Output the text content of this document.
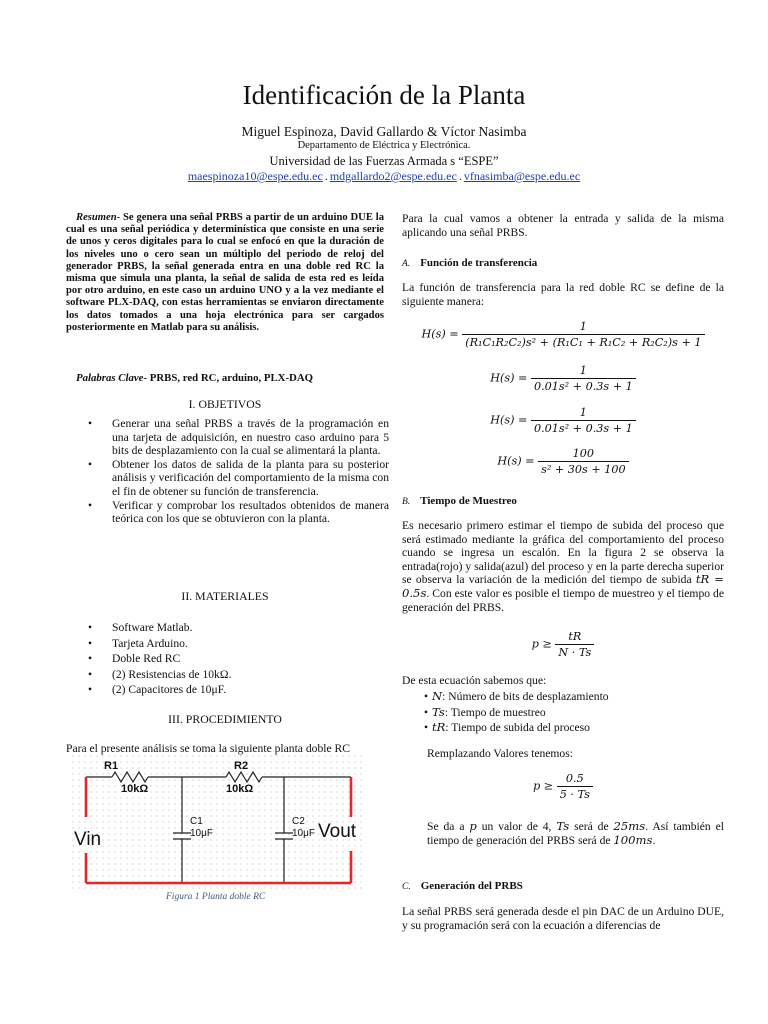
Identificación de la Planta
Miguel Espinoza, David Gallardo & Víctor Nasimba
Departamento de Eléctrica y Electrónica.
Universidad de las Fuerzas Armada s “ESPE”
maespinoza10@espe.edu.ec . mdgallardo2@espe.edu.ec . vfnasimba@espe.edu.ec
Resumen- Se genera una señal PRBS a partir de un arduino DUE la cual es una señal periódica y determinística que consiste en una serie de unos y ceros digitales para lo cual se enfocó en que la duración de los niveles uno o cero sean un múltiplo del periodo de reloj del generador PRBS, la señal generada entra en una doble red RC la misma que simula una planta, la señal de salida de esta red es leída por otro arduino, en este caso un arduino UNO y a la vez mediante el software PLX-DAQ, con estas herramientas se enviaron directamente los datos tomados a una hoja electrónica para ser cargados posteriormente en Matlab para su análisis.
Palabras Clave- PRBS, red RC, arduino, PLX-DAQ
I. OBJETIVOS
• Generar una señal PRBS a través de la programación en una tarjeta de adquisición, en nuestro caso arduino para 5 bits de desplazamiento con la cual se alimentará la planta.
• Obtener los datos de salida de la planta para su posterior análisis y verificación del comportamiento de la misma con el fin de obtener su función de transferencia.
• Verificar y comprobar los resultados obtenidos de manera teórica con los que se obtuvieron con la planta.
II. MATERIALES
• Software Matlab.
• Tarjeta Arduino.
• Doble Red RC
• (2) Resistencias de 10kΩ.
• (2) Capacitores de 10μF.
III. PROCEDIMIENTO
Para el presente análisis se toma la siguiente planta doble RC
R1
10kΩ
R2
10kΩ
C1
10μF
C2
10μF
Vin	Vout
Figura 1 Planta doble RC
Para la cual vamos a obtener la entrada y salida de la misma aplicando una señal PRBS.
A. Función de transferencia
La función de transferencia para la red doble RC se define de la siguiente manera:
$H(s) = \frac{1}{\text{(R₁C₁R₂C₂)s² + (R₁C₁ + R₁C₂ + R₂C₂)s + 1}}$
$H(s) = \frac{1}{\text{0.01s² + 0.3s + 1}}$
$H(s) = \frac{1}{\text{0.01s² + 0.3s + 1}}$
$H(s) = \frac{100}{\text{s² + 30s + 100}}$
B. Tiempo de Muestreo
Es necesario primero estimar el tiempo de subida del proceso que será estimado mediante la gráfica del comportamiento del proceso cuando se ingresa un escalón. En la figura 2 se observa la entrada(rojo) y salida(azul) del proceso y en la parte derecha superior se observa la variación de la medición del tiempo de subida tR = 0.5s. Con este valor es posible el tiempo de muestreo y el tiempo de generación del PRBS.
$p \ge \frac{tR}{N \cdot Ts}$
De esta ecuación sabemos que:
• N: Número de bits de desplazamiento
• Ts: Tiempo de muestreo
• tR: Tiempo de subida del proceso
Remplazando Valores tenemos:
$p \ge \frac{0.5}{5 \cdot Ts}$
Se da a p un valor de 4, Ts será de 25ms. Así también el tiempo de generación del PRBS será de 100ms.
C. Generación del PRBS
La señal PRBS será generada desde el pin DAC de un Arduino DUE, y su programación será con la ecuación a diferencias de
